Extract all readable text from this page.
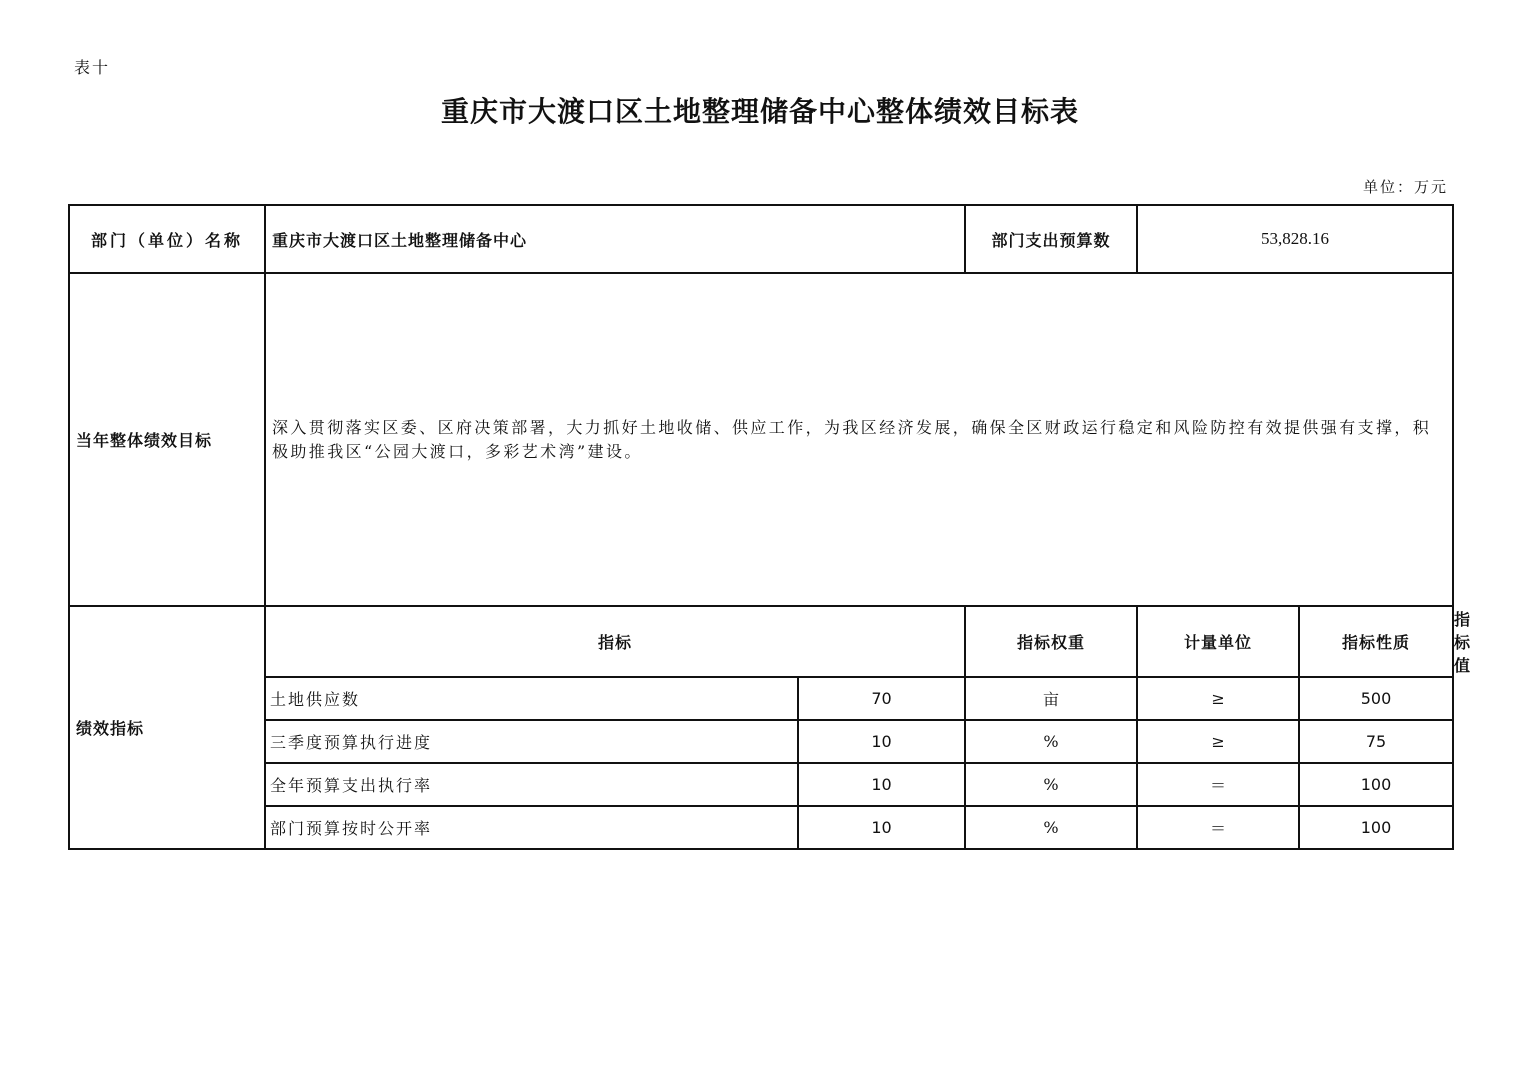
表十
重庆市大渡口区土地整理储备中心整体绩效目标表
单位：万元
部门（单位）名称	重庆市大渡口区土地整理储备中心		部门支出预算数	53,828.16		
当年整体绩效目标	深入贯彻落实区委、区府决策部署，大力抓好土地收储、供应工作，为我区经济发展，确保全区财政运行稳定和风险防控有效提供强有支撑，积极助推我区“公园大渡口，多彩艺术湾”建设。					
绩效指标	指标		指标权重	计量单位	指标性质	指标值
	土地供应数	70	亩	≥	500	
	三季度预算执行进度	10	%	≥	75	
	全年预算支出执行率	10	%	＝	100	
	部门预算按时公开率	10	%	＝	100	
